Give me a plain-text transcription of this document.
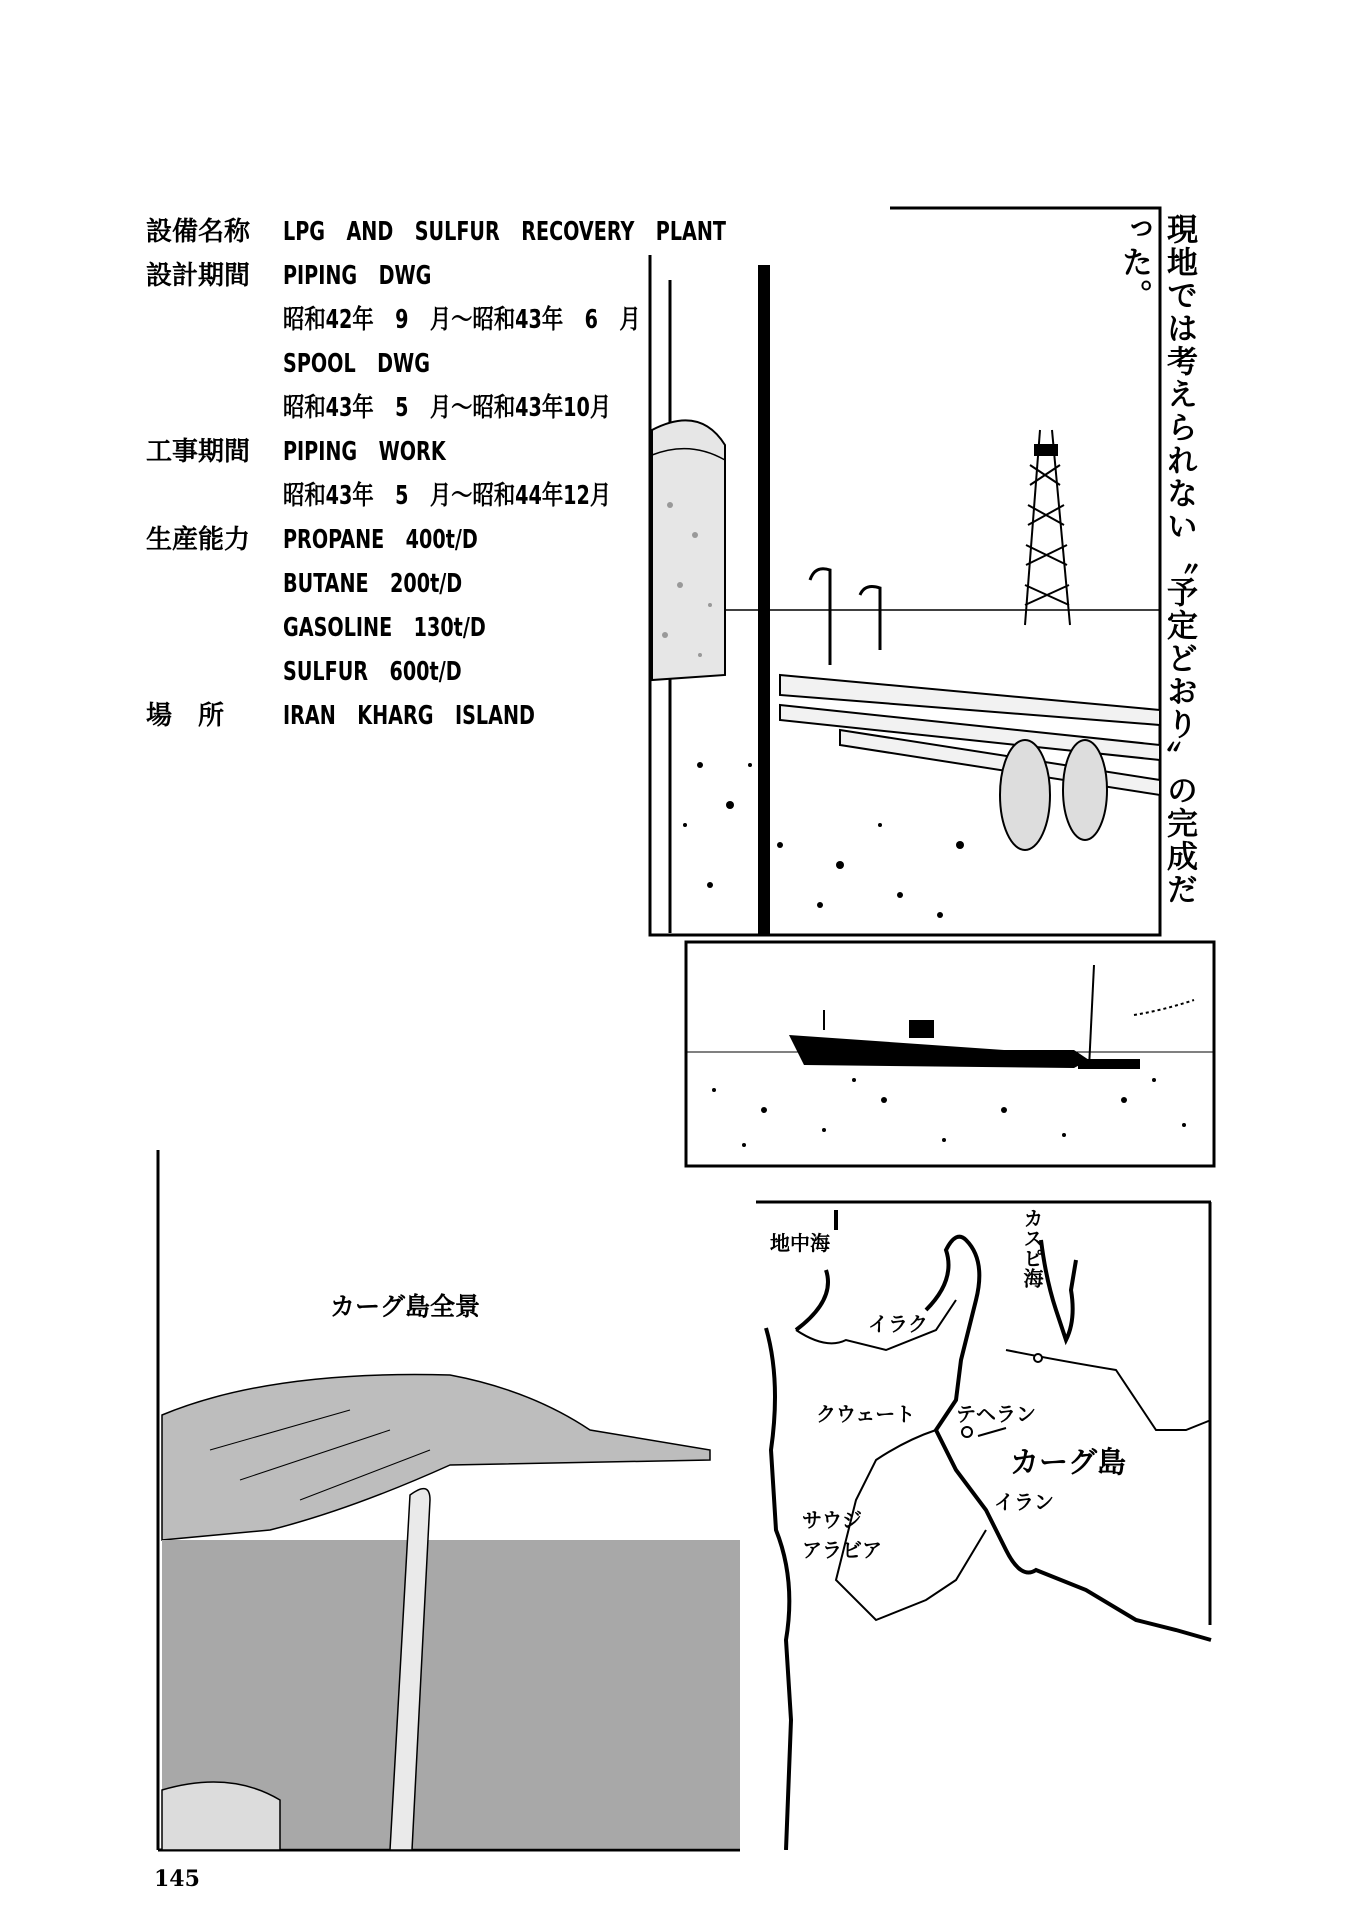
設備名称 LPG AND SULFUR RECOVERY PLANT
設計期間 PIPING DWG
昭和42年 9 月〜昭和43年 6 月
SPOOL DWG
昭和43年 5 月〜昭和43年10月
工事期間 PIPING WORK
昭和43年 5 月〜昭和44年12月
生産能力 PROPANE 400t/D
BUTANE 200t/D
GASOLINE 130t/D
SULFUR 600t/D
場　所 IRAN KHARG ISLAND	現地では考えられない〝予定どおり〟の完成だった。
カーグ島全景
地中海	カスピ海
イラク
クウェート テヘラン
カーグ島
イラン
サウジ
アラビア
145
